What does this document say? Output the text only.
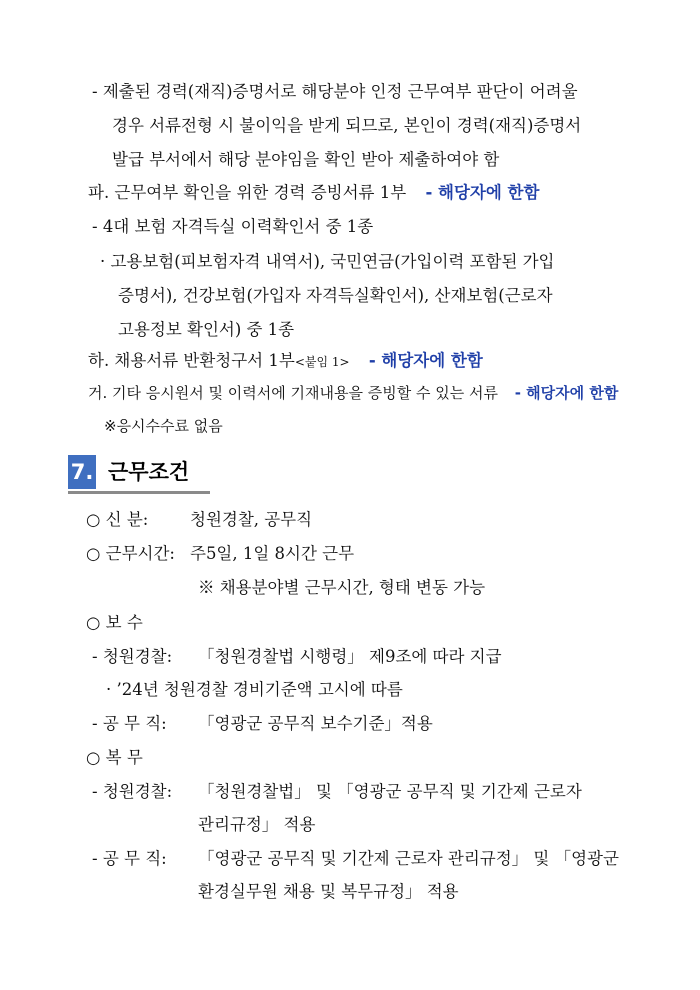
- 제출된 경력(재직)증명서로 해당분야 인정 근무여부 판단이 어려울
경우 서류전형 시 불이익을 받게 되므로, 본인이 경력(재직)증명서
발급 부서에서 해당 분야임을 확인 받아 제출하여야 함
파. 근무여부 확인을 위한 경력 증빙서류 1부 - 해당자에 한함
- 4대 보험 자격득실 이력확인서 중 1종
· 고용보험(피보험자격 내역서), 국민연금(가입이력 포함된 가입
증명서), 건강보험(가입자 자격득실확인서), 산재보험(근로자
고용정보 확인서) 중 1종
하. 채용서류 반환청구서 1부<붙임 1> - 해당자에 한함
거. 기타 응시원서 및 이력서에 기재내용을 증빙할 수 있는 서류 - 해당자에 한함
※응시수수료 없음
7. 근무조건
○ 신 분:	청원경찰, 공무직
○ 근무시간: 주5일, 1일 8시간 근무
※ 채용분야별 근무시간, 형태 변동 가능
○ 보 수
- 청원경찰: 「청원경찰법 시행령」 제9조에 따라 지급
· ’24년 청원경찰 경비기준액 고시에 따름
- 공 무 직: 「영광군 공무직 보수기준」적용
○ 복 무
- 청원경찰: 「청원경찰법」 및 「영광군 공무직 및 기간제 근로자
관리규정」 적용
- 공 무 직: 「영광군 공무직 및 기간제 근로자 관리규정」 및 「영광군
환경실무원 채용 및 복무규정」 적용
